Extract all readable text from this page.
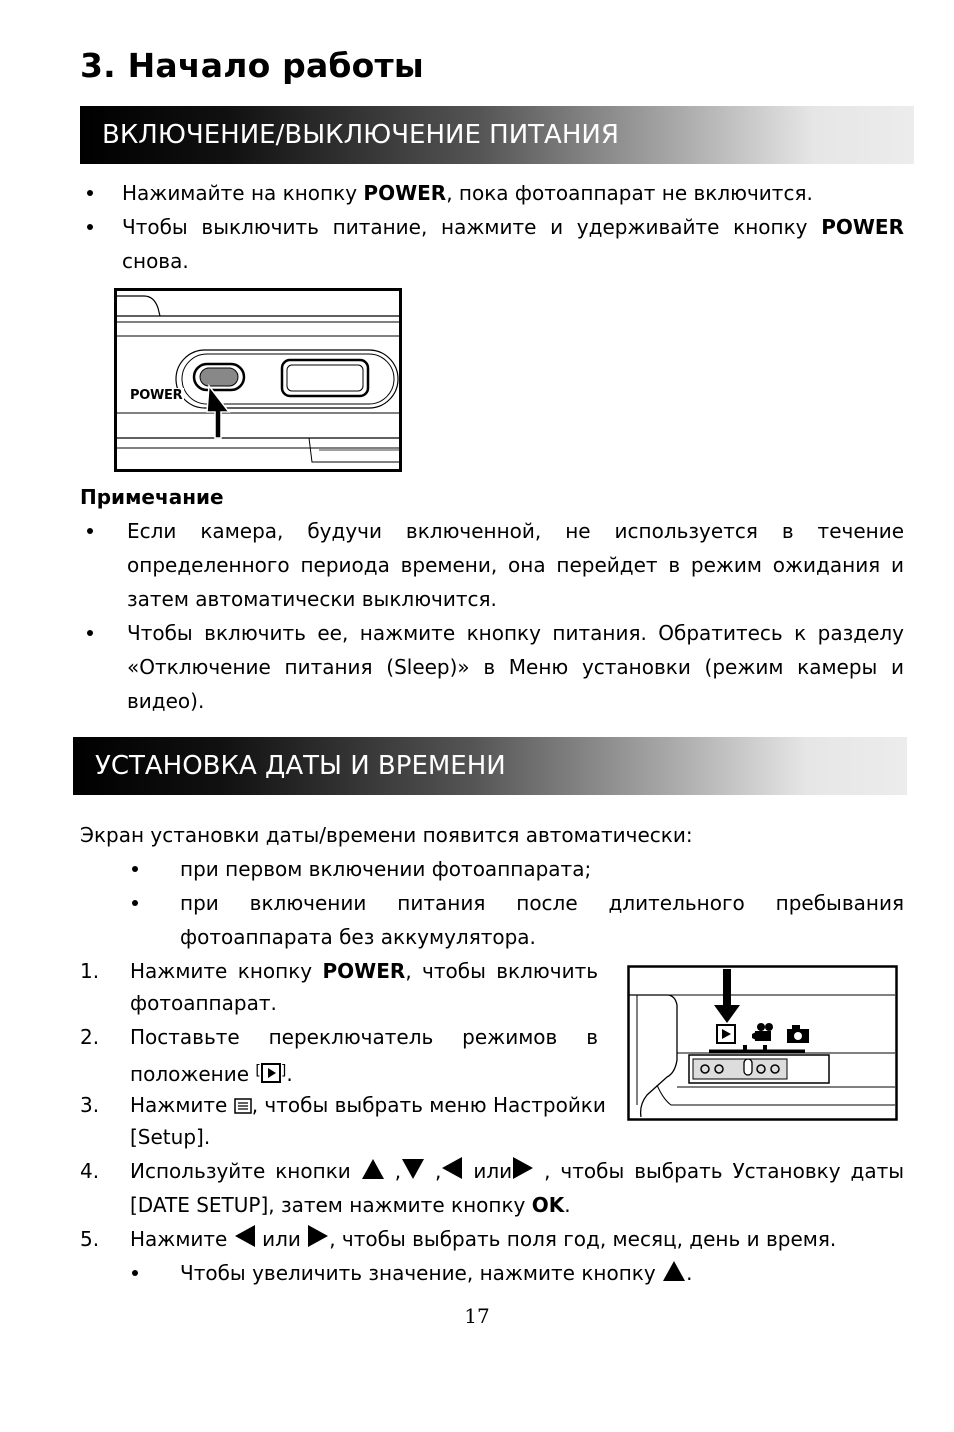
3. Начало работы
ВКЛЮЧЕНИЕ/ВЫКЛЮЧЕНИЕ ПИТАНИЯ
Нажимайте на кнопку POWER, пока фотоаппарат не включится.
Чтобы выключить питание, нажмите и удерживайте кнопку POWER
снова.
POWER
Примечание
Если камера, будучи включенной, не используется в течение
определенного периода времени, она перейдет в режим ожидания и
затем автоматически выключится.
Чтобы включить ее, нажмите кнопку питания. Обратитесь к разделу
«Отключение питания (Sleep)» в Меню установки (режим камеры и
видео).
УСТАНОВКА ДАТЫ И ВРЕМЕНИ
Экран установки даты/времени появится автоматически:
при первом включении фотоаппарата;
при включении питания после длительного пребывания
фотоаппарата без аккумулятора.
1. Нажмите кнопку POWER, чтобы включить
фотоаппарат.
2. Поставьте переключатель режимов в
положение [ ].
3. Нажмите , чтобы выбрать меню Настройки
[Setup].
4. Используйте кнопки  , , или , чтобы выбрать Установку даты
[DATE SETUP], затем нажмите кнопку OK.
5. Нажмите  или , чтобы выбрать поля год, месяц, день и время.
Чтобы увеличить значение, нажмите кнопку .
17
